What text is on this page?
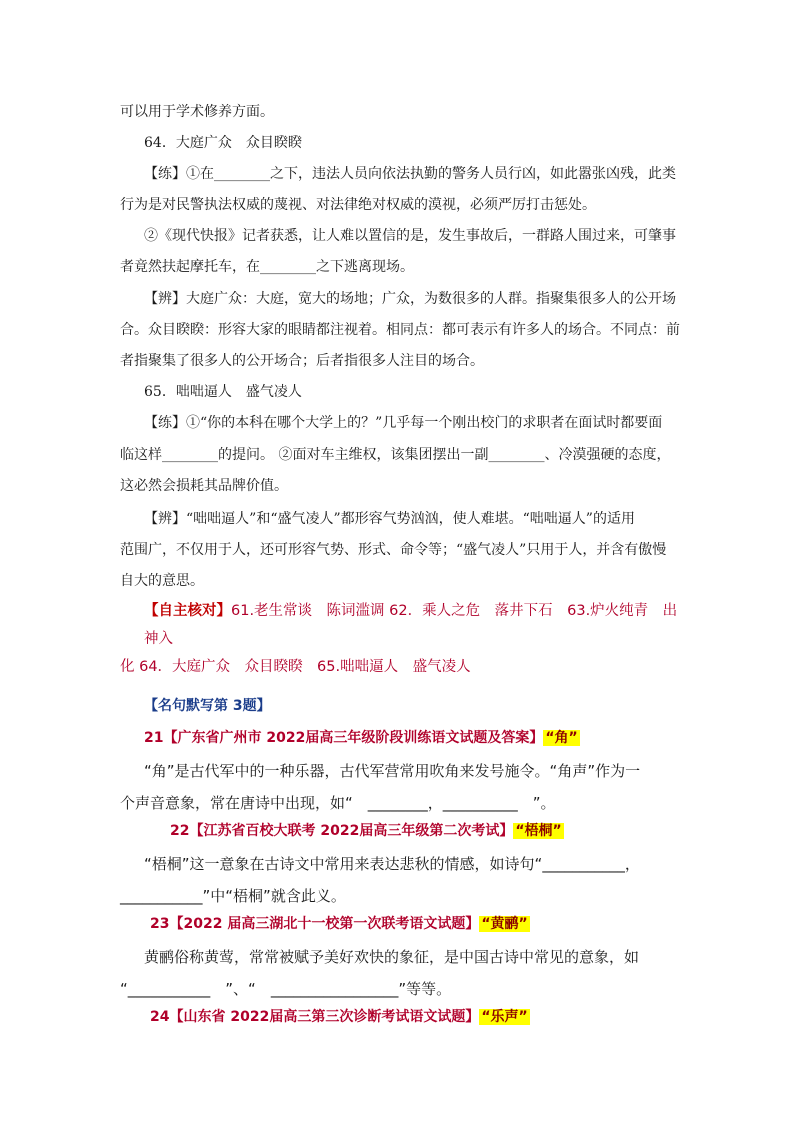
可以用于学术修养方面。
64．大庭广众　众目睽睽
【练】①在________之下，违法人员向依法执勤的警务人员行凶，如此嚣张凶残，此类
行为是对民警执法权威的蔑视、对法律绝对权威的漠视，必须严厉打击惩处。
②《现代快报》记者获悉，让人难以置信的是，发生事故后，一群路人围过来，可肇事
者竟然扶起摩托车，在________之下逃离现场。
【辨】大庭广众：大庭，宽大的场地；广众，为数很多的人群。指聚集很多人的公开场
合。众目睽睽：形容大家的眼睛都注视着。相同点：都可表示有许多人的场合。不同点：前
者指聚集了很多人的公开场合；后者指很多人注目的场合。
65．咄咄逼人　盛气凌人
【练】①“你的本科在哪个大学上的？”几乎每一个刚出校门的求职者在面试时都要面
临这样________的提问。 ②面对车主维权，该集团摆出一副________、冷漠强硬的态度，
这必然会损耗其品牌价值。
【辨】“咄咄逼人”和“盛气凌人”都形容气势汹汹，使人难堪。“咄咄逼人”的适用
范围广，不仅用于人，还可形容气势、形式、命令等；“盛气凌人”只用于人，并含有傲慢
自大的意思。
【自主核对】61.老生常谈　陈词滥调 62．乘人之危　落井下石　63.炉火纯青　出神入
化 64．大庭广众　众目睽睽　65.咄咄逼人　盛气凌人
【名句默写第 3题】
21【广东省广州市 2022届高三年级阶段训练语文试题及答案】 “角”
“角”是古代军中的一种乐器，古代军营常用吹角来发号施令。“角声”作为一
个声音意象，常在唐诗中出现，如“　________，__________　”。
22【江苏省百校大联考 2022届高三年级第二次考试】 “梧桐”
“梧桐”这一意象在古诗文中常用来表达悲秋的情感，如诗句“___________，
___________”中“梧桐”就含此义。
23【2022 届高三湖北十一校第一次联考语文试题】 “黄鹂”
黄鹂俗称黄莺，常常被赋予美好欢快的象征，是中国古诗中常见的意象，如
“___________　”、“　_________________”等等。
24【山东省 2022届高三第三次诊断考试语文试题】 “乐声”
